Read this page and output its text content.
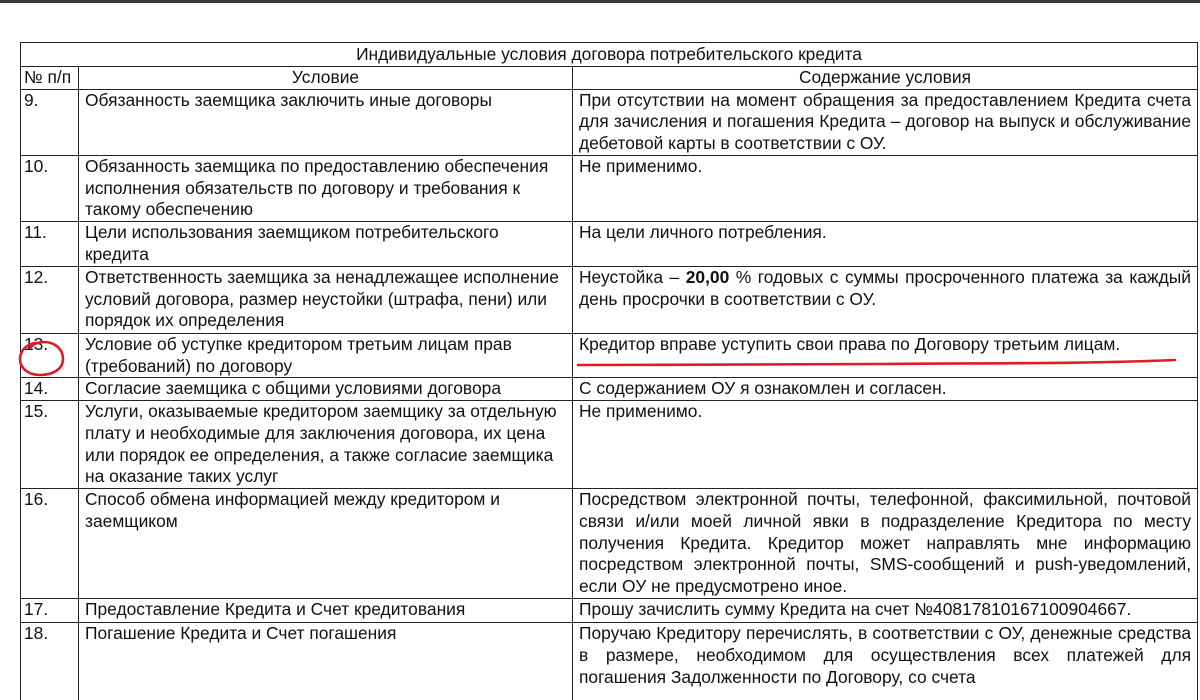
Индивидуальные условия договора потребительского кредита		
№ п/п	Условие	Содержание условия
9.	Обязанность заемщика заключить иные договоры	При отсутствии на момент обращения за предоставлением Кредита счета для зачисления и погашения Кредита – договор на выпуск и обслуживание дебетовой карты в соответствии с ОУ.
10.	Обязанность заемщика по предоставлению обеспечения исполнения обязательств по договору и требования к такому обеспечению	Не применимо.
11.	Цели использования заемщиком потребительского кредита	На цели личного потребления.
12.	Ответственность заемщика за ненадлежащее исполнение условий договора, размер неустойки (штрафа, пени) или порядок их определения	Неустойка – 20,00 % годовых с суммы просроченного платежа за каждый день просрочки в соответствии с ОУ.
13.	Условие об уступке кредитором третьим лицам прав (требований) по договору	Кредитор вправе уступить свои права по Договору третьим лицам.
14.	Согласие заемщика с общими условиями договора	С содержанием ОУ я ознакомлен и согласен.
15.	Услуги, оказываемые кредитором заемщику за отдельную плату и необходимые для заключения договора, их цена или порядок ее определения, а также согласие заемщика на оказание таких услуг	Не применимо.
16.	Способ обмена информацией между кредитором и заемщиком	Посредством электронной почты, телефонной, факсимильной, почтовой связи и/или моей личной явки в подразделение Кредитора по месту получения Кредита. Кредитор может направлять мне информацию посредством электронной почты, SMS-сообщений и push-уведомлений, если ОУ не предусмотрено иное.
17.	Предоставление Кредита и Счет кредитования	Прошу зачислить сумму Кредита на счет №40817810167100904667.
18.	Погашение Кредита и Счет погашения	Поручаю Кредитору перечислять, в соответствии с ОУ, денежные средства в размере, необходимом для осуществления всех платежей для погашения Задолженности по Договору, со счета
